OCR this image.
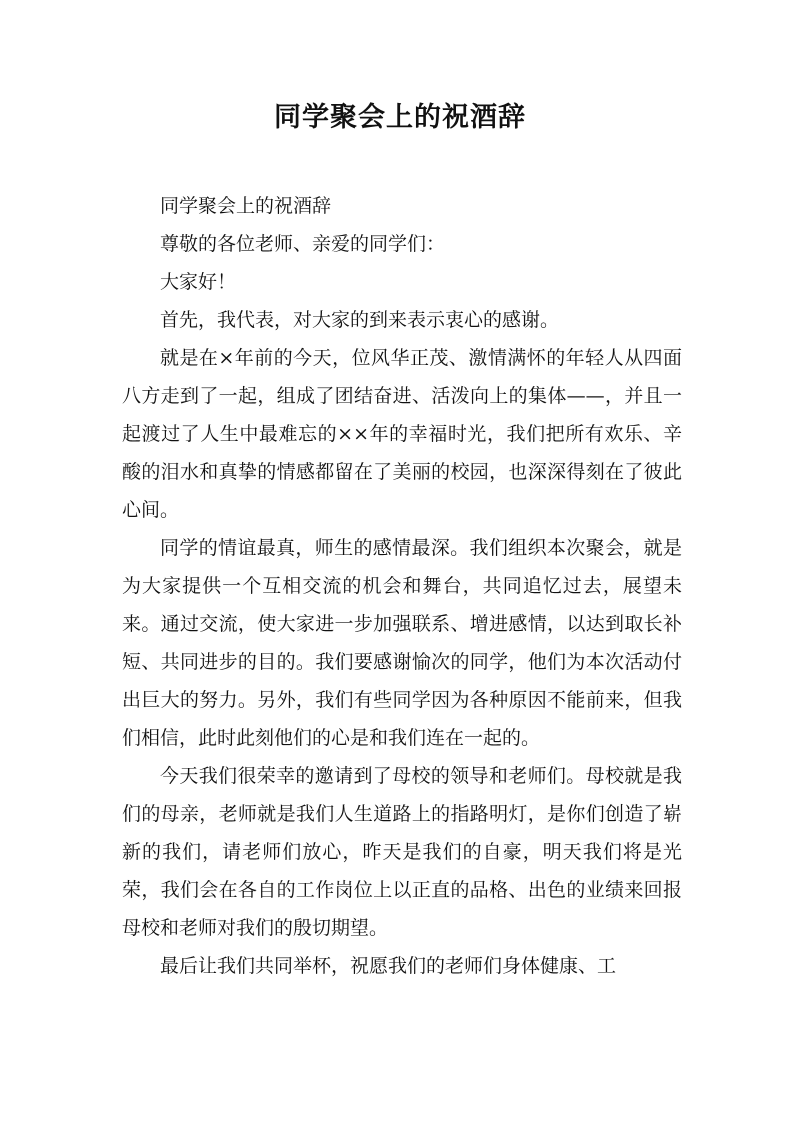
同学聚会上的祝酒辞

同学聚会上的祝酒辞

尊敬的各位老师、亲爱的同学们：

大家好！

首先，我代表，对大家的到来表示衷心的感谢。

就是在×年前的今天，位风华正茂、激情满怀的年轻人从四面八方走到了一起，组成了团结奋进、活泼向上的集体——，并且一起渡过了人生中最难忘的××年的幸福时光，我们把所有欢乐、辛酸的泪水和真挚的情感都留在了美丽的校园，也深深得刻在了彼此心间。

同学的情谊最真，师生的感情最深。我们组织本次聚会，就是为大家提供一个互相交流的机会和舞台，共同追忆过去，展望未来。通过交流，使大家进一步加强联系、增进感情，以达到取长补短、共同进步的目的。我们要感谢愉次的同学，他们为本次活动付出巨大的努力。另外，我们有些同学因为各种原因不能前来，但我们相信，此时此刻他们的心是和我们连在一起的。

今天我们很荣幸的邀请到了母校的领导和老师们。母校就是我们的母亲，老师就是我们人生道路上的指路明灯，是你们创造了崭新的我们，请老师们放心，昨天是我们的自豪，明天我们将是光荣，我们会在各自的工作岗位上以正直的品格、出色的业绩来回报母校和老师对我们的殷切期望。

最后让我们共同举杯，祝愿我们的老师们身体健康、工
